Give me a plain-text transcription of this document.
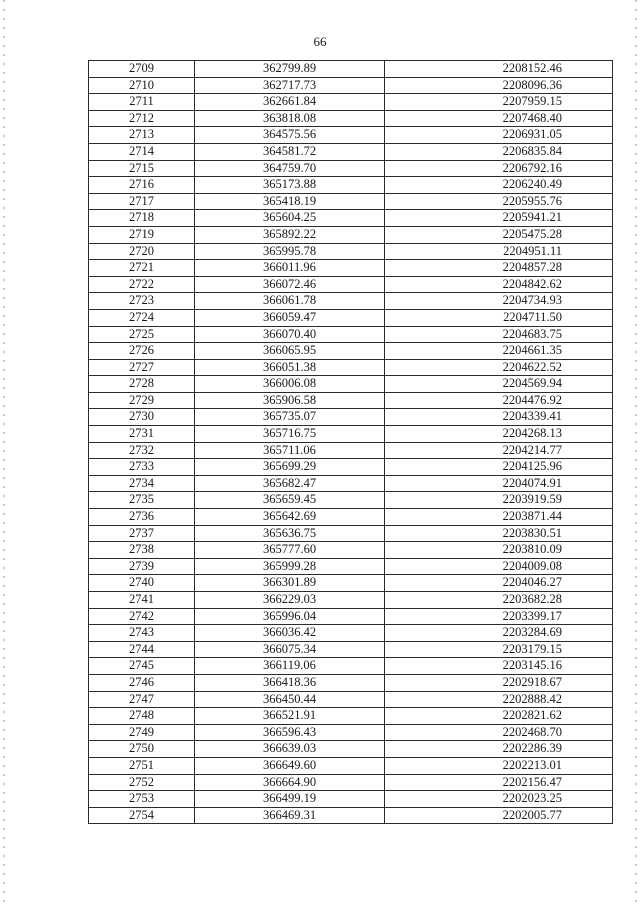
66
2709	362799.89	2208152.46
2710	362717.73	2208096.36
2711	362661.84	2207959.15
2712	363818.08	2207468.40
2713	364575.56	2206931.05
2714	364581.72	2206835.84
2715	364759.70	2206792.16
2716	365173.88	2206240.49
2717	365418.19	2205955.76
2718	365604.25	2205941.21
2719	365892.22	2205475.28
2720	365995.78	2204951.11
2721	366011.96	2204857.28
2722	366072.46	2204842.62
2723	366061.78	2204734.93
2724	366059.47	2204711.50
2725	366070.40	2204683.75
2726	366065.95	2204661.35
2727	366051.38	2204622.52
2728	366006.08	2204569.94
2729	365906.58	2204476.92
2730	365735.07	2204339.41
2731	365716.75	2204268.13
2732	365711.06	2204214.77
2733	365699.29	2204125.96
2734	365682.47	2204074.91
2735	365659.45	2203919.59
2736	365642.69	2203871.44
2737	365636.75	2203830.51
2738	365777.60	2203810.09
2739	365999.28	2204009.08
2740	366301.89	2204046.27
2741	366229.03	2203682.28
2742	365996.04	2203399.17
2743	366036.42	2203284.69
2744	366075.34	2203179.15
2745	366119.06	2203145.16
2746	366418.36	2202918.67
2747	366450.44	2202888.42
2748	366521.91	2202821.62
2749	366596.43	2202468.70
2750	366639.03	2202286.39
2751	366649.60	2202213.01
2752	366664.90	2202156.47
2753	366499.19	2202023.25
2754	366469.31	2202005.77
